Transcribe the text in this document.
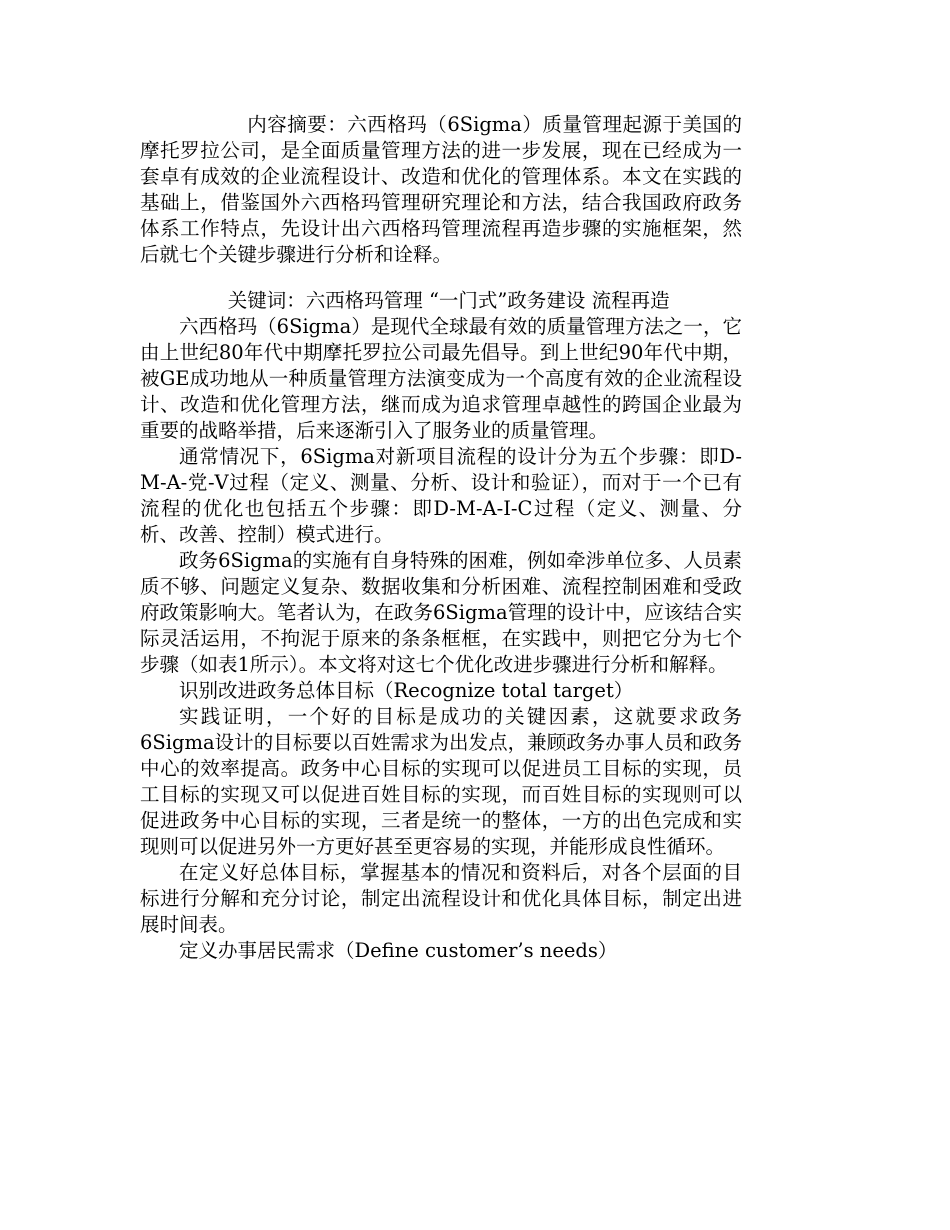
内容摘要：六西格玛（6Sigma）质量管理起源于美国的摩托罗拉公司，是全面质量管理方法的进一步发展，现在已经成为一套卓有成效的企业流程设计、改造和优化的管理体系。本文在实践的基础上，借鉴国外六西格玛管理研究理论和方法，结合我国政府政务体系工作特点，先设计出六西格玛管理流程再造步骤的实施框架，然后就七个关键步骤进行分析和诠释。

关键词：六西格玛管理 “一门式”政务建设 流程再造

六西格玛（6Sigma）是现代全球最有效的质量管理方法之一，它由上世纪80年代中期摩托罗拉公司最先倡导。到上世纪90年代中期，被GE成功地从一种质量管理方法演变成为一个高度有效的企业流程设计、改造和优化管理方法，继而成为追求管理卓越性的跨国企业最为重要的战略举措，后来逐渐引入了服务业的质量管理。

通常情况下，6Sigma对新项目流程的设计分为五个步骤：即D-M-A-党-V过程（定义、测量、分析、设计和验证），而对于一个已有流程的优化也包括五个步骤：即D-M-A-I-C过程（定义、测量、分析、改善、控制）模式进行。

政务6Sigma的实施有自身特殊的困难，例如牵涉单位多、人员素质不够、问题定义复杂、数据收集和分析困难、流程控制困难和受政府政策影响大。笔者认为，在政务6Sigma管理的设计中，应该结合实际灵活运用，不拘泥于原来的条条框框，在实践中，则把它分为七个步骤（如表1所示）。本文将对这七个优化改进步骤进行分析和解释。

识别改进政务总体目标（Recognize total target）

实践证明，一个好的目标是成功的关键因素，这就要求政务6Sigma设计的目标要以百姓需求为出发点，兼顾政务办事人员和政务中心的效率提高。政务中心目标的实现可以促进员工目标的实现，员工目标的实现又可以促进百姓目标的实现，而百姓目标的实现则可以促进政务中心目标的实现，三者是统一的整体，一方的出色完成和实现则可以促进另外一方更好甚至更容易的实现，并能形成良性循环。

在定义好总体目标，掌握基本的情况和资料后，对各个层面的目标进行分解和充分讨论，制定出流程设计和优化具体目标，制定出进展时间表。

定义办事居民需求（Define customer’s needs）
